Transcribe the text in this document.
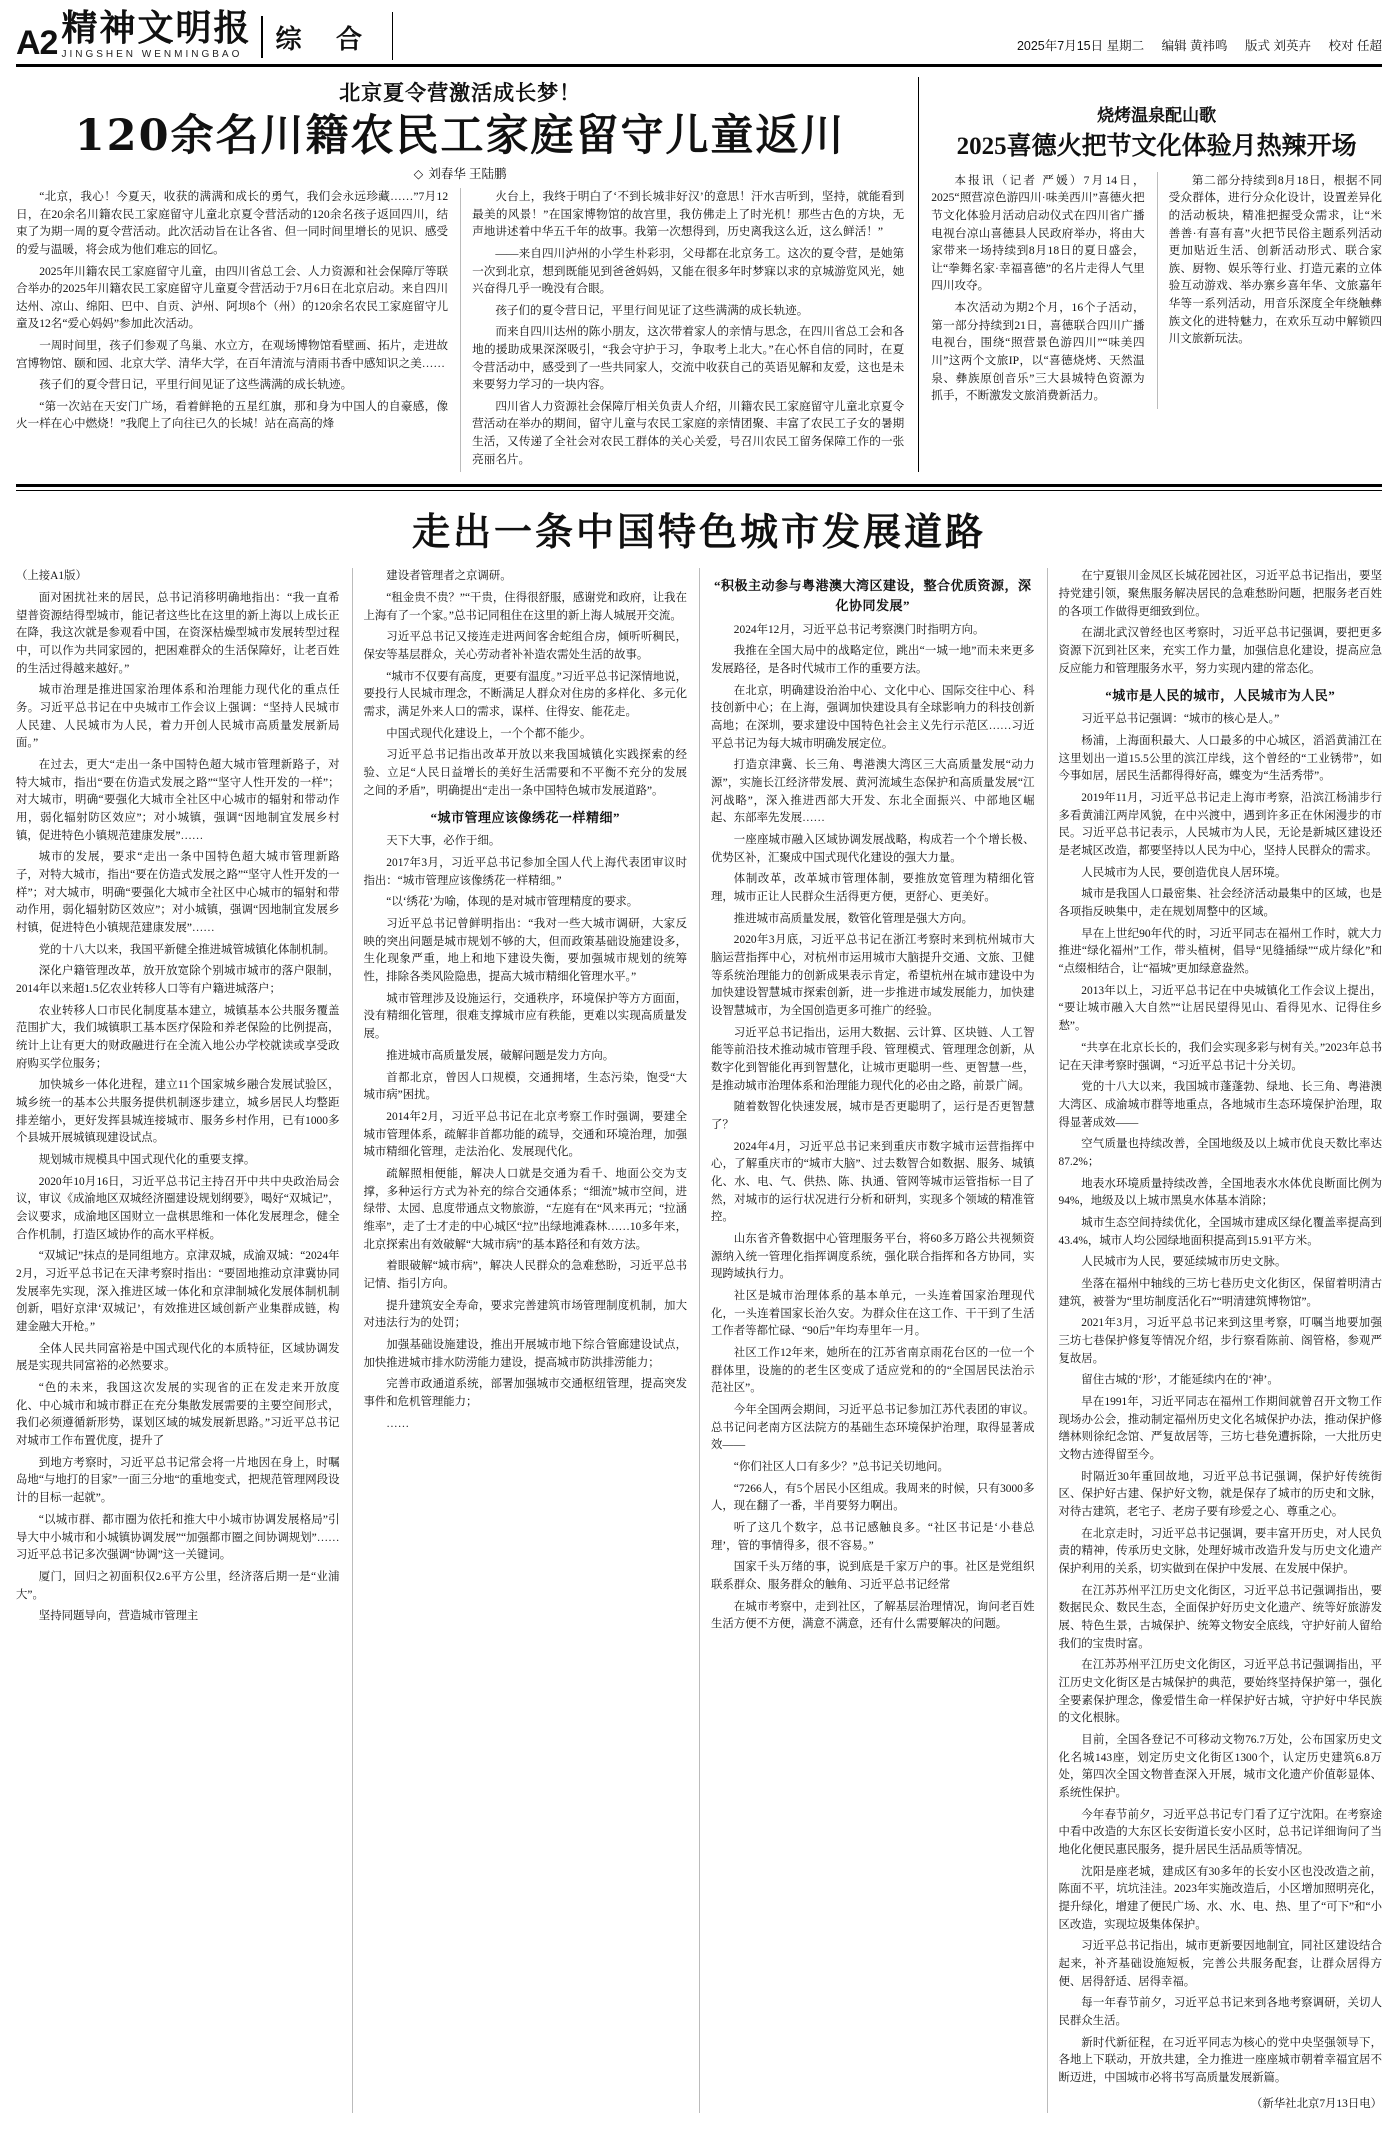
A2 精神文明报
JINGSHEN WENMINGBAO
综 合	2025年7月15日 星期二 编辑 黄祎鸣 版式 刘英卉 校对 任超
北京夏令营激活成长梦！
120余名川籍农民工家庭留守儿童返川
◇ 刘春华 王陆鹏

“北京，我心！今夏天，收获的满满和成长的勇气，我们会永远珍藏……”7月12日，在20余名川籍农民工家庭留守儿童北京夏令营活动的120余名孩子返回四川，结束了为期一周的夏令营活动。此次活动旨在让各省、但一同时间里增长的见识、感受的爱与温暖，将会成为他们难忘的回忆。

2025年川籍农民工家庭留守儿童，由四川省总工会、人力资源和社会保障厅等联合举办的2025年川籍农民工家庭留守儿童夏令营活动于7月6日在北京启动。来自四川达州、凉山、绵阳、巴中、自贡、泸州、阿坝8个（州）的120余名农民工家庭留守儿童及12名“爱心妈妈”参加此次活动。

一周时间里，孩子们参观了鸟巢、水立方，在观场博物馆看壁画、拓片，走进故宫博物馆、颐和园、北京大学、清华大学，在百年清流与清雨书香中感知识之美……

孩子们的夏令营日记，平里行间见证了这些满满的成长轨迹。

“第一次站在天安门广场，看着鲜艳的五星红旗，那和身为中国人的自豪感，像火一样在心中燃烧！”我爬上了向往已久的长城！站在高高的烽

火台上，我终于明白了‘不到长城非好汉’的意思！汗水吉听到，坚持，就能看到最美的风景！”在国家博物馆的故宫里，我仿佛走上了时光机！那些古色的方块，无声地讲述着中华五千年的故事。我第一次想得到，历史离我这么近，这么鲜活！”

——来自四川泸州的小学生朴彩羽，父母都在北京务工。这次的夏令营，是她第一次到北京，想到既能见到爸爸妈妈，又能在很多年时梦寐以求的京城游览风光，她兴奋得几乎一晚没有合眼。

孩子们的夏令营日记，平里行间见证了这些满满的成长轨迹。

而来自四川达州的陈小朋友，这次带着家人的亲情与思念，在四川省总工会和各地的援助成果深深吸引，“我会守护于习，争取考上北大。”在心怀自信的同时，在夏令营活动中，感受到了一些共同家人，交流中收获自己的英语见解和友爱，这也是未来要努力学习的一块内容。

四川省人力资源社会保障厅相关负责人介绍，川籍农民工家庭留守儿童北京夏令营活动在举办的期间，留守儿童与农民工家庭的亲情团聚、丰富了农民工子女的暑期生活，又传递了全社会对农民工群体的关心关爱，号召川农民工留务保障工作的一张亮丽名片。

烧烤温泉配山歌
2025喜德火把节文化体验月热辣开场

本报讯（记者 严媛）7月14日，2025“照营凉色游四川·味美西川”喜德火把节文化体验月活动启动仪式在四川省广播电视台凉山喜德县人民政府举办，将由大家带来一场持续到8月18日的夏日盛会，让“拳舞名家·幸福喜德”的名片走得人气里四川攻夺。

本次活动为期2个月，16个子活动，第一部分持续到21日，喜德联合四川广播电视台，围绕“照营景色游四川”“味美四川”这两个文旅IP，以“喜德烧烤、天然温泉、彝族原创音乐”三大县城特色资源为抓手，不断激发文旅消费新活力。

第二部分持续到8月18日，根据不同受众群体，进行分众化设计，设置差异化的活动板块，精准把握受众需求，让“米善善·有喜有喜”火把节民俗主题系列活动更加贴近生活、创新活动形式、联合家族、厨物、娱乐等行业、打造元素的立体验互动游戏、举办寨乡喜年华、文旅嘉年华等一系列活动，用音乐深度全年绕触彝族文化的进特魅力，在欢乐互动中解锁四川文旅新玩法。

走出一条中国特色城市发展道路

（上接A1版）

面对困扰社来的居民，总书记消移明确地指出：“我一直希望普资源结得型城市，能记者这些比在这里的新上海以上成长正在降，我这次就是参观看中国，在资深枯燥型城市发展转型过程中，可以作为共同家园的，把困难群众的生活保障好，让老百姓的生活过得越来越好。”

城市治理是推进国家治理体系和治理能力现代化的重点任务。习近平总书记在中央城市工作会议上强调：“坚持人民城市人民建、人民城市为人民，着力开创人民城市高质量发展新局面。”

在过去，更大“走出一条中国特色超大城市管理新路子，对特大城市，指出“要在仿造式发展之路”“坚守人性开发的一样”；对大城市，明确“要强化大城市全社区中心城市的辐射和带动作用，弱化辐射防区效应”；对小城镇，强调“因地制宜发展乡村镇，促进特色小镇规范建康发展”……

城市的发展，要求“走出一条中国特色超大城市管理新路子，对特大城市，指出“要在仿造式发展之路”“坚守人性开发的一样”；对大城市，明确“要强化大城市全社区中心城市的辐射和带动作用，弱化辐射防区效应”；对小城镇，强调“因地制宜发展乡村镇，促进特色小镇规范建康发展”……

党的十八大以来，我国平新健全推进城管城镇化体制机制。

深化户籍管理改革，放开放宽除个别城市城市的落户限制，2014年以来超1.5亿农业转移人口等有户籍进城落户；

农业转移人口市民化制度基本建立，城镇基本公共服务覆盖范围扩大，我们城镇职工基本医疗保险和养老保险的比例提高，统计上让有更大的财政融进行在全流入地公办学校就读或享受政府购买学位服务；

加快城乡一体化进程，建立11个国家城乡融合发展试验区，城乡统一的基本公共服务提供机制逐步建立，城乡居民人均整距排差缩小，更好发挥县城连接城市、服务乡村作用，已有1000多个县城开展城镇现建设试点。

规划城市规模具中国式现代化的重要支撑。

2020年10月16日，习近平总书记主持召开中共中央政治局会议，审议《成渝地区双城经济圈建设规划纲要》，喝好“双城记”，会议要求，成渝地区国财立一盘棋思维和一体化发展理念，健全合作机制，打造区域协作的高水平样板。

“双城记”抹点的是同组地方。京津双城，成渝双城：“2024年2月，习近平总书记在天津考察时指出：“要固地推动京津冀协同发展率先实现，深入推进区域一体化和京津制城化发展体制机制创新，唱好京津‘双城记’，有效推进区域创新产业集群成链，构建金融大开枪。”

全体人民共同富裕是中国式现代化的本质特征，区域协调发展是实现共同富裕的必然要求。

“色的未来，我国这次发展的实现省的正在发走来开放度化、中心城市和城市群正在充分集散发展需要的主要空间形式，我们必须遵循新形势，谋划区域的城发展新思路。”习近平总书记对城市工作布置优度，提升了

到地方考察时，习近平总书记常会将一片地因在身上，时嘱岛地“与地打的目家”一面三分地“的重地变式，把规范管理网段设计的目标一起就”。

“以城市群、都市圈为依托和推大中小城市协调发展格局”引导大中小城市和小城镇协调发展”“加强都市圈之间协调规划”……习近平总书记多次强调“协调”这一关键词。

厦门，回归之初面积仅2.6平方公里，经济落后期一是“业浦大”。

坚持同题导向，营造城市管理主

建设者管理者之京调研。

“租金贵不贵？”“干贵，住得很舒服，感谢党和政府，让我在上海有了一个家。”总书记同租住在这里的新上海人城展开交流。

习近平总书记又接连走进两间客舍蛇组合房，倾听听稠民，保安等基层群众，关心劳动者补补造农需处生活的故事。

“城市不仅要有高度，更要有温度。”习近平总书记深情地说，要投行人民城市理念，不断满足人群众对住房的多样化、多元化需求，满足外来人口的需求，谋样、住得安、能花走。

中国式现代化建设上，一个个都不能少。

习近平总书记指出改革开放以来我国城镇化实践探索的经验、立足“人民日益增长的美好生活需要和不平衡不充分的发展之间的矛盾”，明确提出“走出一条中国特色城市发展道路”。

“城市管理应该像绣花一样精细”

天下大事，必作于细。

2017年3月，习近平总书记参加全国人代上海代表团审议时指出：“城市管理应该像绣花一样精细。”

“以‘绣花’为喻，体现的是对城市管理精度的要求。

习近平总书记曾鲜明指出：“我对一些大城市调研，大家反映的突出问题是城市规划不够的大，但而政策基础设施建设多，生化现象严重，地上和地下建设失衡，要加强城市规划的统筹性，排除各类风险隐患，提高大城市精细化管理水平。”

城市管理涉及设施运行，交通秩序，环境保护等方方面面，没有精细化管理，很难支撑城市应有秩能，更难以实现高质量发展。

推进城市高质量发展，破解问题是发力方向。

首都北京，曾因人口规模，交通拥堵，生态污染，饱受“大城市病”困扰。

2014年2月，习近平总书记在北京考察工作时强调，要建全城市管理体系，疏解非首都功能的疏导，交通和环境治理，加强城市精细化管理，走法治化、发展现代化。

疏解照相便能，解决人口就是交通为看千、地面公交为支撑，多种运行方式为补充的综合交通体系；“细流”城市空间，进绿带、太园、息度带通点文物旅游，“左庭有在“风来再元；“拉涵维率”，走了士才走的中心城区“拉”出绿地滩森林……10多年来，北京探索出有效破解“大城市病”的基本路径和有效方法。

着眼破解“城市病”，解决人民群众的急难愁盼，习近平总书记情、指引方向。

提升建筑安全寿命，要求完善建筑市场管理制度机制，加大对违法行为的处罚；

加强基础设施建设，推出开展城市地下综合管廊建设试点，加快推进城市排水防涝能力建设，提高城市防洪排涝能力；

完善市政通道系统，部署加强城市交通枢纽管理，提高突发事件和危机管理能力；

……

“积极主动参与粤港澳大湾区建设，整合优质资源，深化协同发展”

2024年12月，习近平总书记考察澳门时指明方向。

我推在全国大局中的战略定位，跳出“一城一地”而未来更多发展路径，是各时代城市工作的重要方法。

在北京，明确建设治治中心、文化中心、国际交往中心、科技创新中心；在上海，强调加快建设具有全球影响力的科技创新高地；在深圳，要求建设中国特色社会主义先行示范区……习近平总书记为每大城市明确发展定位。

打造京津冀、长三角、粤港澳大湾区三大高质量发展“动力源”，实施长江经济带发展、黄河流域生态保护和高质量发展“江河战略”，深入推进西部大开发、东北全面振兴、中部地区崛起、东部率先发展……

一座座城市融入区域协调发展战略，构成若一个个增长极、优势区补，汇聚成中国式现代化建设的强大力量。

体制改革，改革城市管理体制，要推放宽管理为精细化管理，城市正让人民群众生活得更方便，更舒心、更美好。

推进城市高质量发展，数管化管理是强大方向。

2020年3月底，习近平总书记在浙江考察时来到杭州城市大脑运营指挥中心，对杭州市运用城市大脑提升交通、文旅、卫健等系统治理能力的创新成果表示肯定，希望杭州在城市建设中为加快建设智慧城市探索创新，进一步推进市域发展能力，加快建设智慧城市，为全国创造更多可推广的经验。

习近平总书记指出，运用大数据、云计算、区块链、人工智能等前沿技术推动城市管理手段、管理模式、管理理念创新，从数字化到智能化再到智慧化，让城市更聪明一些、更智慧一些，是推动城市治理体系和治理能力现代化的必由之路，前景广阔。

随着数智化快速发展，城市是否更聪明了，运行是否更智慧了？

2024年4月，习近平总书记来到重庆市数字城市运营指挥中心，了解重庆市的“城市大脑”、过去数智合如数据、服务、城镇化、水、电、气、供热、陈、执通、管网等城市运管指标一目了然，对城市的运行状况进行分析和研判，实现多个领域的精准管控。

山东省齐鲁数据中心管理服务平台，将60多万路公共视频资源纳入统一管理化指挥调度系统，强化联合指挥和各方协同，实现跨域执行力。

社区是城市治理体系的基本单元，一头连着国家治理现代化，一头连着国家长治久安。为群众住在这工作、干干到了生活工作者等都忙碌、“90后”年均寿里年一月。

社区工作12年来，她所在的江苏省南京雨花台区的一位一个群体里，设施的的老生区变成了适应党和的的“全国居民法治示范社区”。

今年全国两会期间，习近平总书记参加江苏代表团的审议。总书记问老南方区法院方的基础生态环境保护治理，取得显著成效——

“你们社区人口有多少？”总书记关切地问。

“7266人，有5个居民小区组成。我周来的时候，只有3000多人，现在翻了一番，半肖要努力啊出。

听了这几个数字，总书记感触良多。“社区书记是‘小巷总理’，管的事情得多，很不容易。”

国家千头万绪的事，说到底是千家万户的事。社区是党组织联系群众、服务群众的触角、习近平总书记经常

在城市考察中，走到社区，了解基层治理情况，询问老百姓生活方便不方便，满意不满意，还有什么需要解决的问题。

在宁夏银川金凤区长城花园社区，习近平总书记指出，要坚持党建引领，聚焦服务解决居民的急难愁盼问题，把服务老百姓的各项工作做得更细致到位。

在湖北武汉曾经也区考察时，习近平总书记强调，要把更多资源下沉到社区来，充实工作力量，加强信息化建设，提高应急反应能力和管理服务水平，努力实现内建的常态化。

“城市是人民的城市，人民城市为人民”

习近平总书记强调：“城市的核心是人。”

杨浦，上海面积最大、人口最多的中心城区，滔滔黄浦江在这里划出一道15.5公里的滨江岸线，这个曾经的“工业锈带”，如今事如居，居民生活都得得好高，蝶变为“生活秀带”。

2019年11月，习近平总书记走上海市考察，沿滨江杨浦步行多看黄浦江两岸风貌，在中兴渡中，遇到许多正在休闲漫步的市民。习近平总书记表示，人民城市为人民，无论是新城区建设还是老城区改造，都要坚持以人民为中心，坚持人民群众的需求。

人民城市为人民，要创造优良人居环境。

城市是我国人口最密集、社会经济活动最集中的区域，也是各项指反映集中，走在规划周整中的区域。

早在上世纪90年代的时，习近平同志在福州工作时，就大力推进“绿化福州”工作，带头植树，倡导“见缝插绿”“成片绿化”和“点缀相结合，让“福城”更加绿意盎然。

2013年以上，习近平总书记在中央城镇化工作会议上提出，“要让城市融入大自然”“让居民望得见山、看得见水、记得住乡愁”。

“共享在北京长长的，我们会实现多彩与树有关。”2023年总书记在天津考察时强调，“习近平总书记十分关切。

党的十八大以来，我国城市蓬蓬勃、绿地、长三角、粤港澳大湾区、成渝城市群等地重点，各地城市生态环境保护治理，取得显著成效——

空气质量也持续改善，全国地级及以上城市优良天数比率达87.2%；

地表水环境质量持续改善，全国地表水水体优良断面比例为94%，地级及以上城市黑臭水体基本消除；

城市生态空间持续优化，全国城市建成区绿化覆盖率提高到43.4%，城市人均公园绿地面积提高到15.91平方米。

人民城市为人民，要延续城市历史文脉。

坐落在福州中轴线的三坊七巷历史文化街区，保留着明清古建筑，被誉为“里坊制度活化石”“明清建筑博物馆”。

2021年3月，习近平总书记来到这里考察，叮嘱当地要加强三坊七巷保护修复等情况介绍，步行察看陈前、阁管格，参观严复故居。

留住古城的‘形’，才能延续内在的‘神’。

早在1991年，习近平同志在福州工作期间就曾召开文物工作现场办公会，推动制定福州历史文化名城保护办法，推动保护修缮林则徐纪念馆、严复故居等，三坊七巷免遭拆除，一大批历史文物古迹得留至今。

时隔近30年重回故地，习近平总书记强调，保护好传统街区、保护好古建、保护好文物，就是保存了城市的历史和文脉，对待古建筑，老宅子、老房子要有珍爱之心、尊重之心。

在北京走时，习近平总书记强调，要丰富开历史，对人民负责的精神，传承历史文脉，处理好城市改造升发与历史文化遗产保护利用的关系，切实做到在保护中发展、在发展中保护。

在江苏苏州平江历史文化街区，习近平总书记强调指出，要数据民众、数民生态，全面保护好历史文化遗产、统等好旅游发展、特色生景，古城保护、统筹文物安全底线，守护好前人留给我们的宝贵时富。

在江苏苏州平江历史文化街区，习近平总书记强调指出，平江历史文化街区是古城保护的典范，要始终坚持保护第一，强化全要素保护理念，像爱惜生命一样保护好古城，守护好中华民族的文化根脉。

目前，全国各登记不可移动文物76.7万处，公布国家历史文化名城143座，划定历史文化街区1300个，认定历史建筑6.8万处，第四次全国文物普查深入开展，城市文化遗产价值彰显体、系统性保护。

今年春节前夕，习近平总书记专门看了辽宁沈阳。在考察途中看中改造的大东区长安街道长安小区时，总书记详细询问了当地化化便民惠民服务，提升居民生活品质等情况。

沈阳是座老城，建成区有30多年的长安小区也没改造之前，陈面不平，坑坑洼洼。2023年实施改造后，小区增加照明亮化，提升绿化，增建了便民广场、水、水、电、热、里了“可下”和“小区改造，实现垃圾集体保护。

习近平总书记指出，城市更新要因地制宜，同社区建设结合起来，补齐基础设施短板，完善公共服务配套，让群众居得方便、居得舒适、居得幸福。

每一年春节前夕，习近平总书记来到各地考察调研，关切人民群众生活。

新时代新征程，在习近平同志为核心的党中央坚强领导下，各地上下联动，开放共建，全力推进一座座城市朝着幸福宜居不断迈进，中国城市必将书写高质量发展新篇。

（新华社北京7月13日电）
